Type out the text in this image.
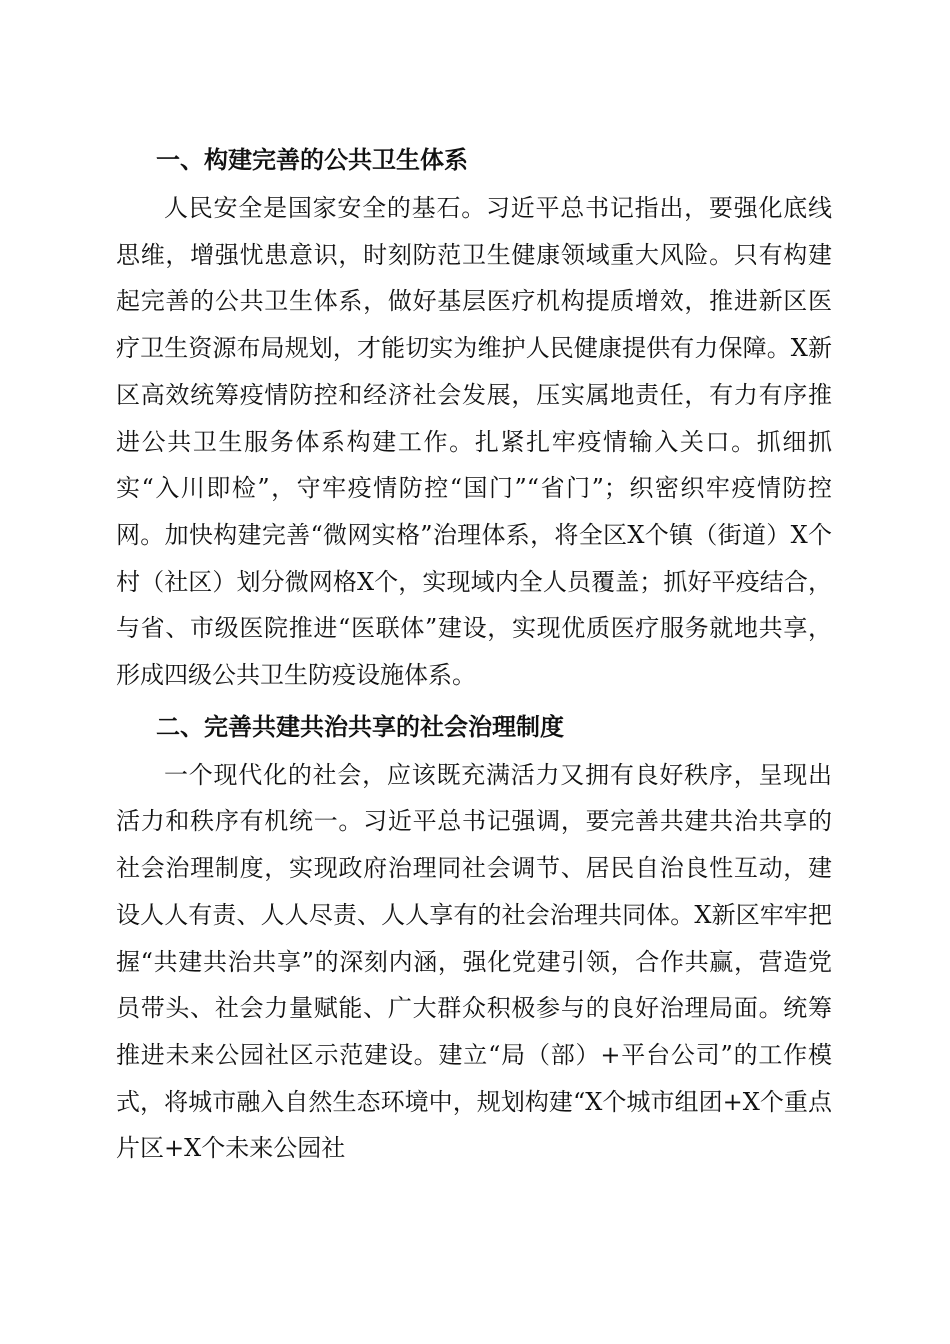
一、构建完善的公共卫生体系

人民安全是国家安全的基石。习近平总书记指出，要强化底线思维，增强忧患意识，时刻防范卫生健康领域重大风险。只有构建起完善的公共卫生体系，做好基层医疗机构提质增效，推进新区医疗卫生资源布局规划，才能切实为维护人民健康提供有力保障。X新区高效统筹疫情防控和经济社会发展，压实属地责任，有力有序推进公共卫生服务体系构建工作。扎紧扎牢疫情输入关口。抓细抓实“入川即检”，守牢疫情防控“国门”“省门”；织密织牢疫情防控网。加快构建完善“微网实格”治理体系，将全区X个镇（街道）X个村（社区）划分微网格X个，实现域内全人员覆盖；抓好平疫结合，与省、市级医院推进“医联体”建设，实现优质医疗服务就地共享，形成四级公共卫生防疫设施体系。

二、完善共建共治共享的社会治理制度

一个现代化的社会，应该既充满活力又拥有良好秩序，呈现出活力和秩序有机统一。习近平总书记强调，要完善共建共治共享的社会治理制度，实现政府治理同社会调节、居民自治良性互动，建设人人有责、人人尽责、人人享有的社会治理共同体。X新区牢牢把握“共建共治共享”的深刻内涵，强化党建引领，合作共赢，营造党员带头、社会力量赋能、广大群众积极参与的良好治理局面。统筹推进未来公园社区示范建设。建立“局（部）+平台公司”的工作模式，将城市融入自然生态环境中，规划构建“X个城市组团+X个重点片区+X个未来公园社
